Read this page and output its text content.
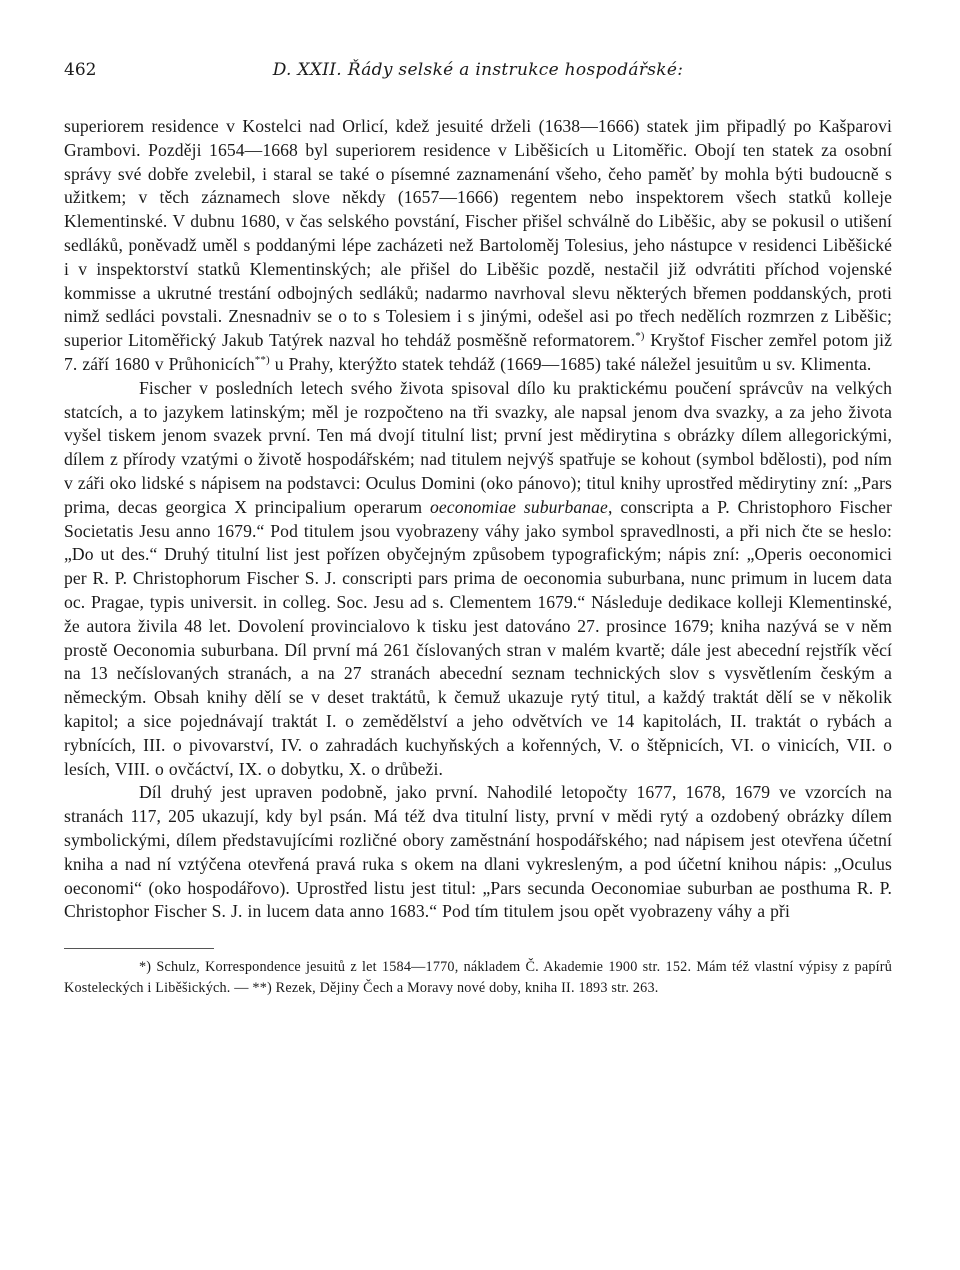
462	D. XXII. Řády selské a instrukce hospodářské:

superiorem residence v Kostelci nad Orlicí, kdež jesuité drželi (1638—1666) statek jim připadlý po Kašparovi Grambovi. Později 1654—1668 byl superiorem residence v Liběšicích u Litoměřic. Obojí ten statek za osobní správy své dobře zvelebil, i staral se také o písemné zaznamenání všeho, čeho paměť by mohla býti budoucně s užitkem; v těch záznamech slove někdy (1657—1666) regentem nebo inspektorem všech statků kolleje Klementinské. V dubnu 1680, v čas selského povstání, Fischer přišel schválně do Liběšic, aby se pokusil o utišení sedláků, poněvadž uměl s poddanými lépe zacházeti než Bartoloměj Tolesius, jeho nástupce v residenci Liběšické i v inspektorství statků Klementinských; ale přišel do Liběšic pozdě, nestačil již odvrátiti příchod vojenské kommisse a ukrutné trestání odbojných sedláků; nadarmo navrhoval slevu některých břemen poddanských, proti nimž sedláci povstali. Znesnadniv se o to s Tolesiem i s jinými, odešel asi po třech nedělích rozmrzen z Liběšic; superior Litoměřický Jakub Tatýrek nazval ho tehdáž posměšně reformatorem.*) Kryštof Fischer zemřel potom již 7. září 1680 v Průhonicích**) u Prahy, kterýžto statek tehdáž (1669—1685) také náležel jesuitům u sv. Klimenta.

Fischer v posledních letech svého života spisoval dílo ku praktickému poučení správcův na velkých statcích, a to jazykem latinským; měl je rozpočteno na tři svazky, ale napsal jenom dva svazky, a za jeho života vyšel tiskem jenom svazek první. Ten má dvojí titulní list; první jest mědirytina s obrázky dílem allegorickými, dílem z přírody vzatými o životě hospodářském; nad titulem nejvýš spatřuje se kohout (symbol bdělosti), pod ním v záři oko lidské s nápisem na podstavci: Oculus Domini (oko pánovo); titul knihy uprostřed mědirytiny zní: „Pars prima, decas georgica X principalium operarum oeconomiae suburbanae, conscripta a P. Christophoro Fischer Societatis Jesu anno 1679.“ Pod titulem jsou vyobrazeny váhy jako symbol spravedlnosti, a při nich čte se heslo: „Do ut des.“ Druhý titulní list jest pořízen obyčejným způsobem typografickým; nápis zní: „Operis oeconomici per R. P. Christophorum Fischer S. J. conscripti pars prima de oeconomia suburbana, nunc primum in lucem data oc. Pragae, typis universit. in colleg. Soc. Jesu ad s. Clementem 1679.“ Následuje dedikace kolleji Klementinské, že autora živila 48 let. Dovolení provincialovo k tisku jest datováno 27. prosince 1679; kniha nazývá se v něm prostě Oeconomia suburbana. Díl první má 261 číslovaných stran v malém kvartě; dále jest abecední rejstřík věcí na 13 nečíslovaných stranách, a na 27 stranách abecední seznam technických slov s vysvětlením českým a německým. Obsah knihy dělí se v deset traktátů, k čemuž ukazuje rytý titul, a každý traktát dělí se v několik kapitol; a sice pojednávají traktát I. o zemědělství a jeho odvětvích ve 14 kapitolách, II. traktát o rybách a rybnících, III. o pivovarství, IV. o zahradách kuchyňských a kořenných, V. o štěpnicích, VI. o vinicích, VII. o lesích, VIII. o ovčáctví, IX. o dobytku, X. o drůbeži.

Díl druhý jest upraven podobně, jako první. Nahodilé letopočty 1677, 1678, 1679 ve vzorcích na stranách 117, 205 ukazují, kdy byl psán. Má též dva titulní listy, první v mědi rytý a ozdobený obrázky dílem symbolickými, dílem představujícími rozličné obory zaměstnání hospodářského; nad nápisem jest otevřena účetní kniha a nad ní vztýčena otevřená pravá ruka s okem na dlani vykresleným, a pod účetní knihou nápis: „Oculus oeconomi“ (oko hospodářovo). Uprostřed listu jest titul: „Pars secunda Oeconomiae suburban ae posthuma R. P. Christophor Fischer S. J. in lucem data anno 1683.“ Pod tím titulem jsou opět vyobrazeny váhy a při

*) Schulz, Korrespondence jesuitů z let 1584—1770, nákladem Č. Akademie 1900 str. 152. Mám též vlastní výpisy z papírů Kosteleckých i Liběšických. — **) Rezek, Dějiny Čech a Moravy nové doby, kniha II. 1893 str. 263.
